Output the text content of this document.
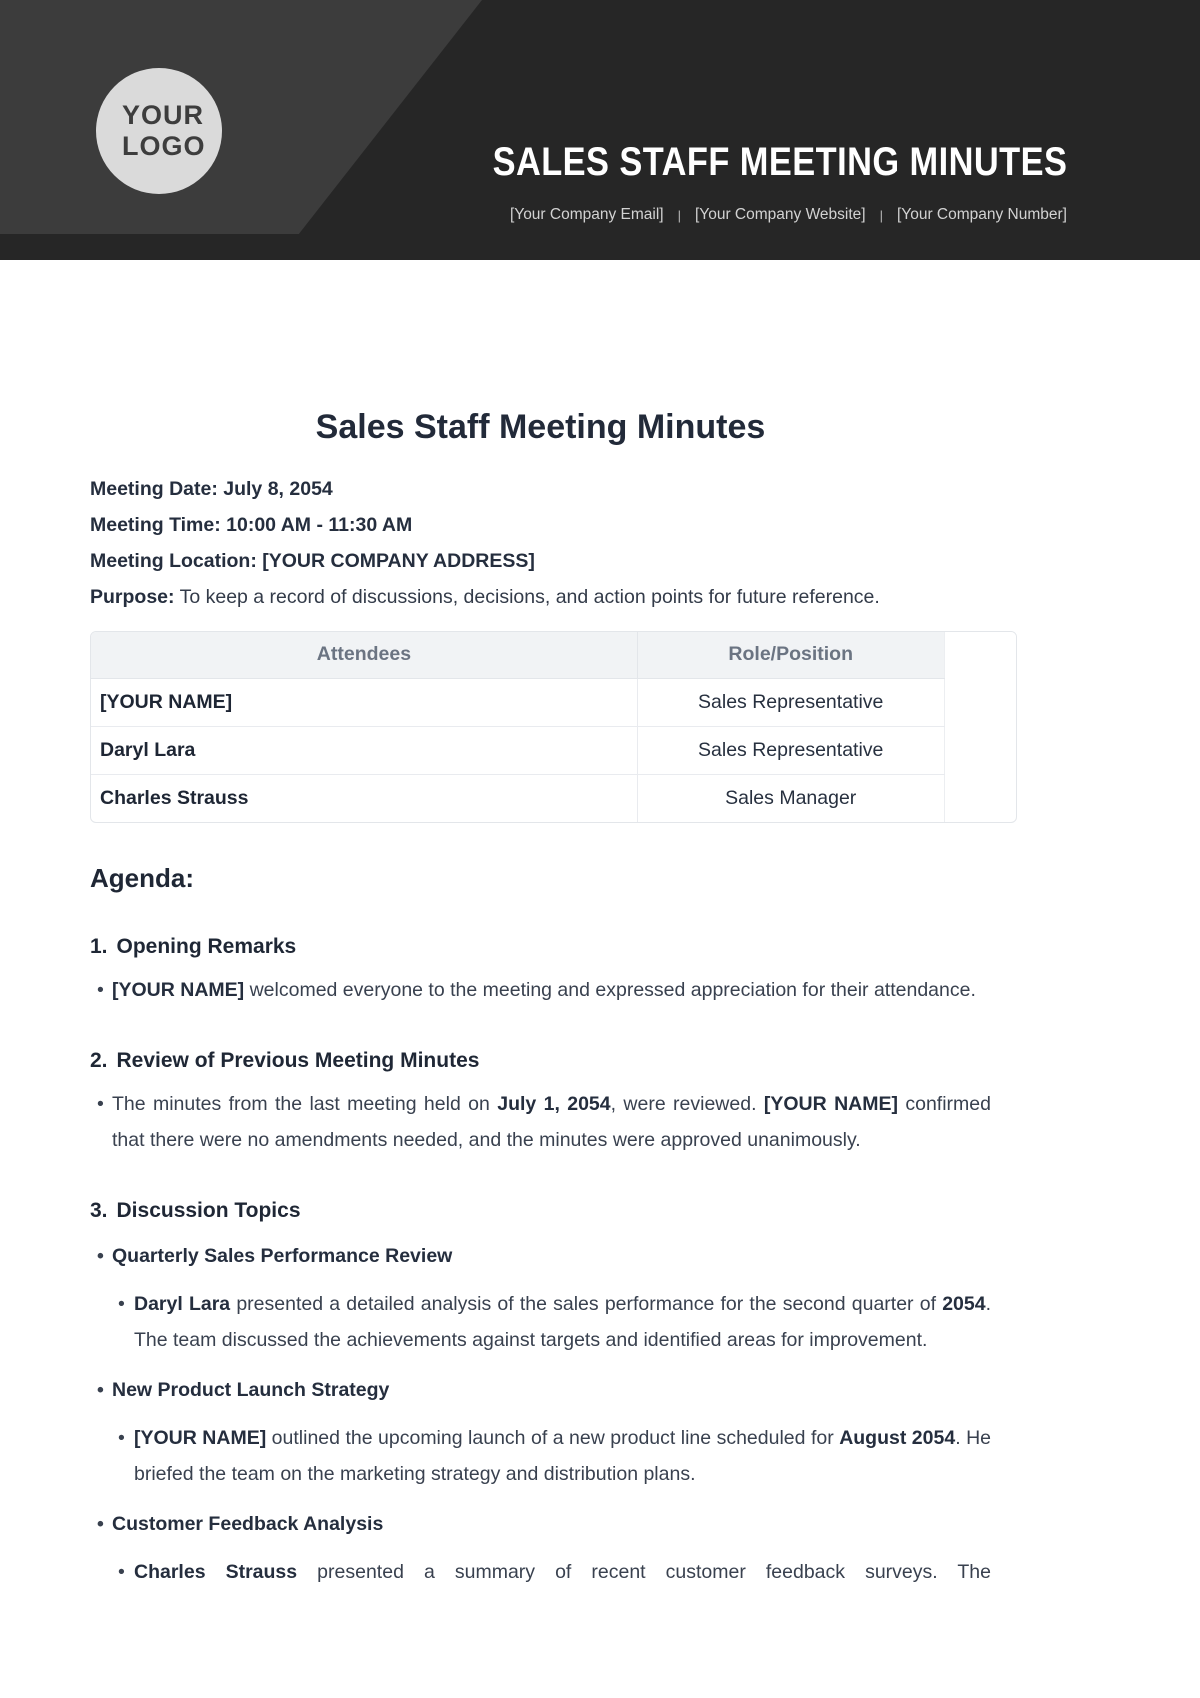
YOUR
LOGO	SALES STAFF MEETING MINUTES
[Your Company Email] | [Your Company Website] | [Your Company Number]
Sales Staff Meeting Minutes
Meeting Date: July 8, 2054
Meeting Time: 10:00 AM - 11:30 AM
Meeting Location: [YOUR COMPANY ADDRESS]
Purpose: To keep a record of discussions, decisions, and action points for future reference.
Attendees	Role/Position	
[YOUR NAME]	Sales Representative	
Daryl Lara	Sales Representative	
Charles Strauss	Sales Manager	
Agenda:
1. Opening Remarks
• [YOUR NAME] welcomed everyone to the meeting and expressed appreciation for their attendance.
2. Review of Previous Meeting Minutes
• The minutes from the last meeting held on July 1, 2054, were reviewed. [YOUR NAME] confirmed that there were no amendments needed, and the minutes were approved unanimously.
3. Discussion Topics
• Quarterly Sales Performance Review
• Daryl Lara presented a detailed analysis of the sales performance for the second quarter of 2054. The team discussed the achievements against targets and identified areas for improvement.
• New Product Launch Strategy
• [YOUR NAME] outlined the upcoming launch of a new product line scheduled for August 2054. He briefed the team on the marketing strategy and distribution plans.
• Customer Feedback Analysis
• Charles Strauss presented a summary of recent customer feedback surveys. The
